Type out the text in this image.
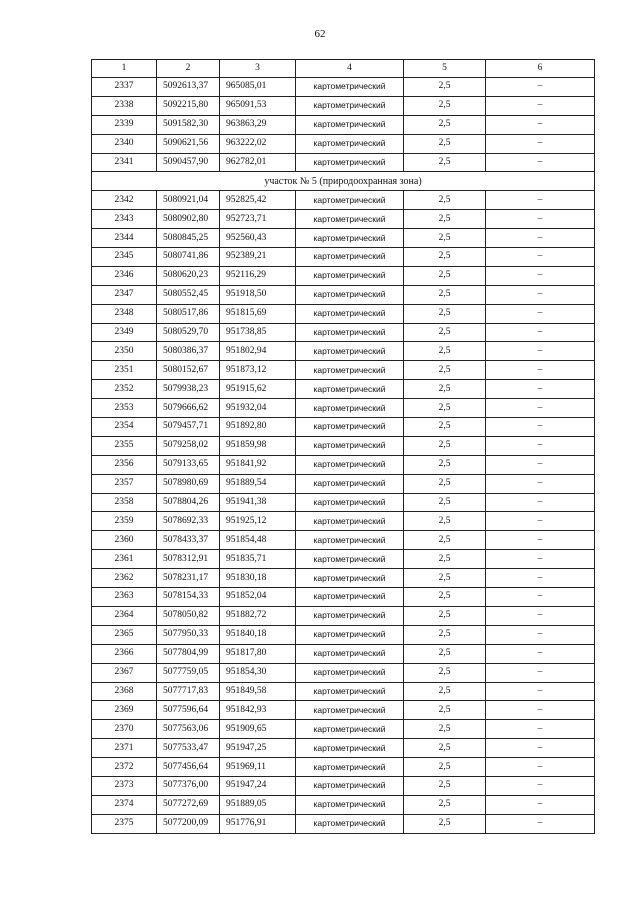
62
1	2	3	4	5	6
2337	5092613,37	965085,01	картометрический	2,5	–
2338	5092215,80	965091,53	картометрический	2,5	–
2339	5091582,30	963863,29	картометрический	2,5	–
2340	5090621,56	963222,02	картометрический	2,5	–
2341	5090457,90	962782,01	картометрический	2,5	–
участок № 5 (природоохранная зона)					
2342	5080921,04	952825,42	картометрический	2,5	–
2343	5080902,80	952723,71	картометрический	2,5	–
2344	5080845,25	952560,43	картометрический	2,5	–
2345	5080741,86	952389,21	картометрический	2,5	–
2346	5080620,23	952116,29	картометрический	2,5	–
2347	5080552,45	951918,50	картометрический	2,5	–
2348	5080517,86	951815,69	картометрический	2,5	–
2349	5080529,70	951738,85	картометрический	2,5	–
2350	5080386,37	951802,94	картометрический	2,5	–
2351	5080152,67	951873,12	картометрический	2,5	–
2352	5079938,23	951915,62	картометрический	2,5	–
2353	5079666,62	951932,04	картометрический	2,5	–
2354	5079457,71	951892,80	картометрический	2,5	–
2355	5079258,02	951859,98	картометрический	2,5	–
2356	5079133,65	951841,92	картометрический	2,5	–
2357	5078980,69	951889,54	картометрический	2,5	–
2358	5078804,26	951941,38	картометрический	2,5	–
2359	5078692,33	951925,12	картометрический	2,5	–
2360	5078433,37	951854,48	картометрический	2,5	–
2361	5078312,91	951835,71	картометрический	2,5	–
2362	5078231,17	951830,18	картометрический	2,5	–
2363	5078154,33	951852,04	картометрический	2,5	–
2364	5078050,82	951882,72	картометрический	2,5	–
2365	5077950,33	951840,18	картометрический	2,5	–
2366	5077804,99	951817,80	картометрический	2,5	–
2367	5077759,05	951854,30	картометрический	2,5	–
2368	5077717,83	951849,58	картометрический	2,5	–
2369	5077596,64	951842,93	картометрический	2,5	–
2370	5077563,06	951909,65	картометрический	2,5	–
2371	5077533,47	951947,25	картометрический	2,5	–
2372	5077456,64	951969,11	картометрический	2,5	–
2373	5077376,00	951947,24	картометрический	2,5	–
2374	5077272,69	951889,05	картометрический	2,5	–
2375	5077200,09	951776,91	картометрический	2,5	–
